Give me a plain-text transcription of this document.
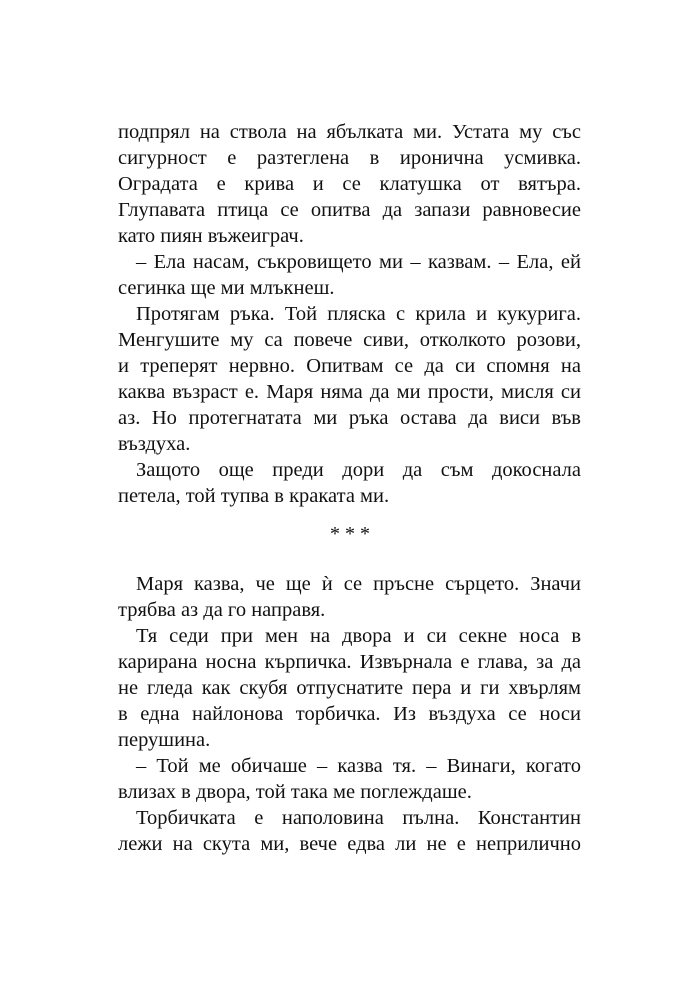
подпрял на ствола на ябълката ми. Устата му със
сигурност е разтеглена в иронична усмивка.
Оградата е крива и се клатушка от вятъра.
Глупавата птица се опитва да запази равновесие
като пиян въжеиграч.
– Ела насам, съкровището ми – казвам. – Ела, ей
сегинка ще ми млъкнеш.
Протягам ръка. Той пляска с крила и кукурига.
Менгушите му са повече сиви, отколкото розови,
и треперят нервно. Опитвам се да си спомня на
каква възраст е. Маря няма да ми прости, мисля си
аз. Но протегнатата ми ръка остава да виси във
въздуха.
Защото още преди дори да съм докоснала
петела, той тупва в краката ми.
* * *
Маря казва, че ще ѝ се пръсне сърцето. Значи
трябва аз да го направя.
Тя седи при мен на двора и си секне носа в
карирана носна кърпичка. Извърнала е глава, за да
не гледа как скубя отпуснатите пера и ги хвърлям
в една найлонова торбичка. Из въздуха се носи
перушина.
– Той ме обичаше – казва тя. – Винаги, когато
влизах в двора, той така ме поглеждаше.
Торбичката е наполовина пълна. Константин
лежи на скута ми, вече едва ли не е неприлично
